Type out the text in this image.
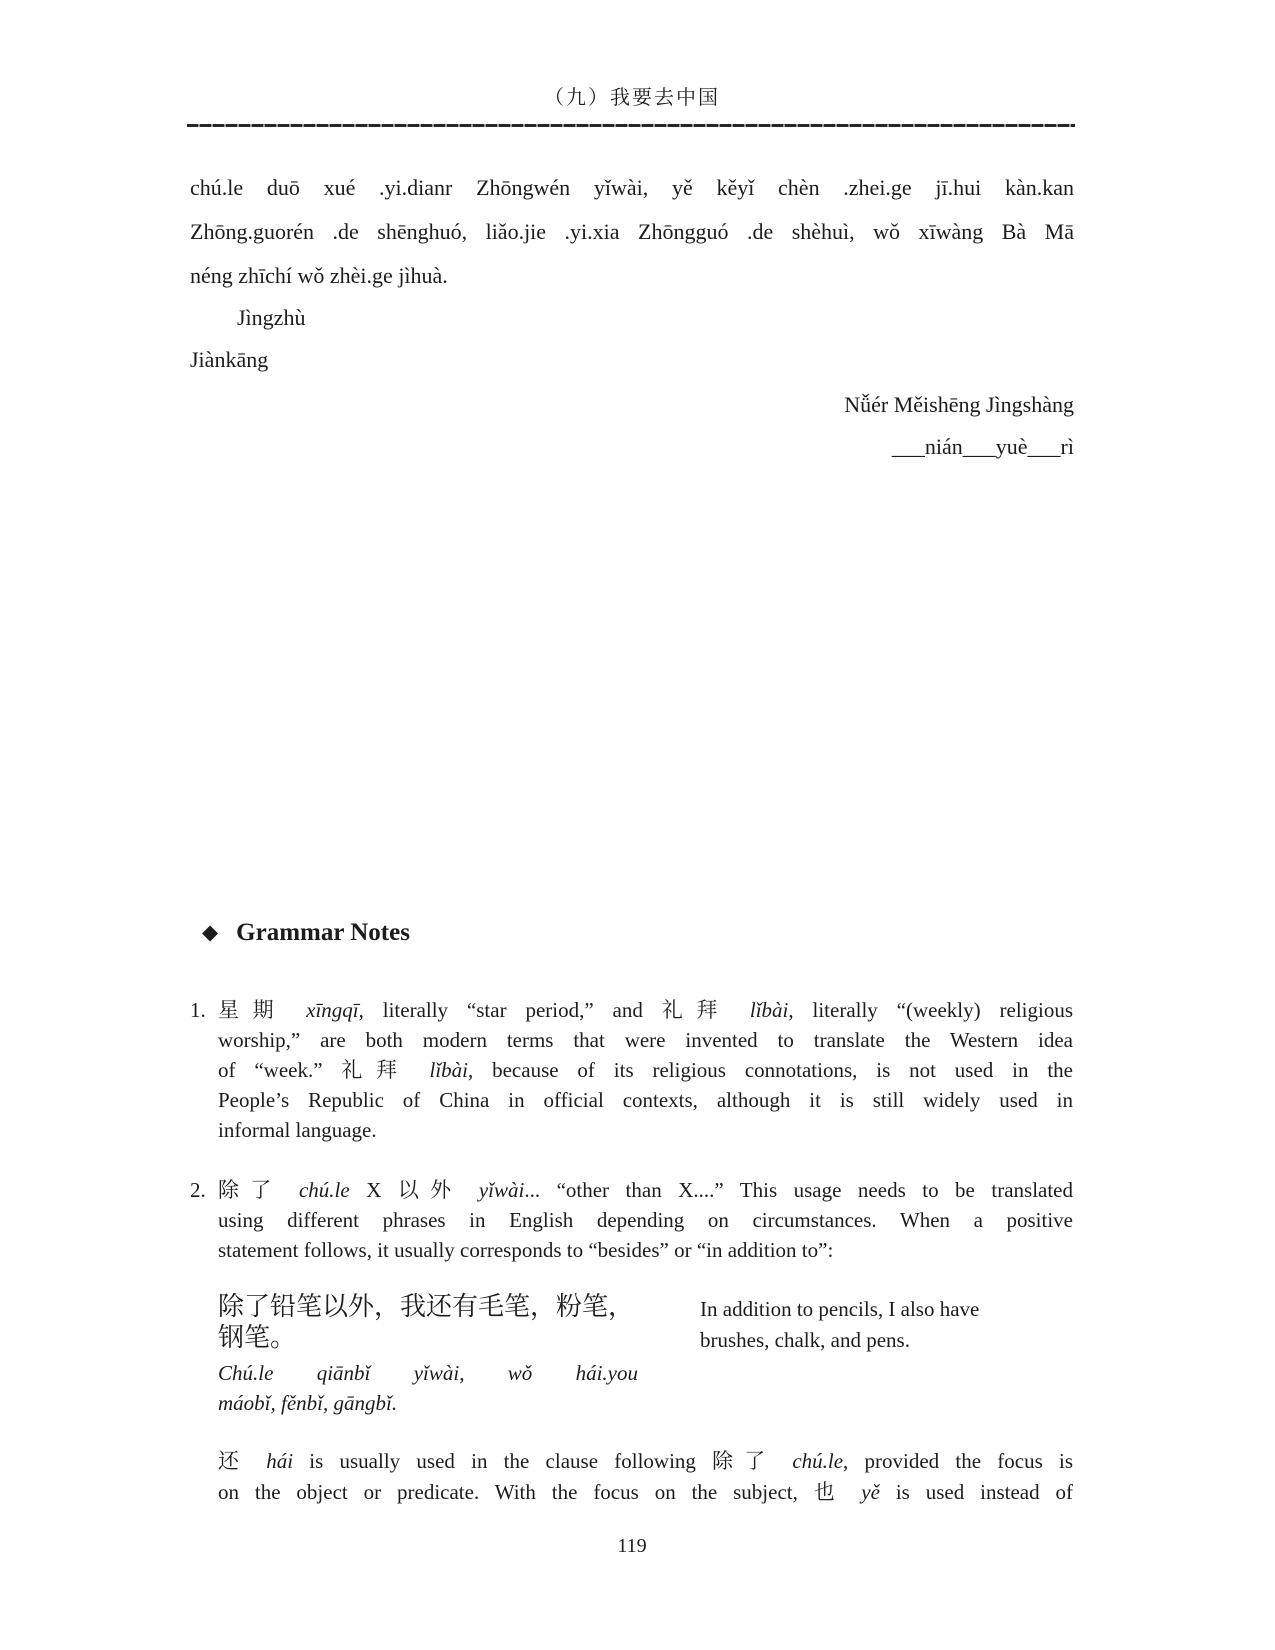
（九）我要去中国
chú.le duō xué .yi.dianr Zhōngwén yǐwài, yě kěyǐ chèn .zhei.ge jī.hui kàn.kan
Zhōng.guorén .de shēnghuó, liǎo.jie .yi.xia Zhōngguó .de shèhuì, wǒ xīwàng Bà Mā
néng zhīchí wǒ zhèi.ge jìhuà.
Jìngzhù
Jiànkāng
Nǚér Měishēng Jìngshàng
___nián___yuè___rì
◆ Grammar Notes
1. 星期 xīngqī, literally “star period,” and 礼拜 lǐbài, literally “(weekly) religious
worship,” are both modern terms that were invented to translate the Western idea
of “week.” 礼拜 lǐbài, because of its religious connotations, is not used in the
People’s Republic of China in official contexts, although it is still widely used in
informal language.
2. 除了 chú.le X 以外 yǐwài... “other than X....” This usage needs to be translated
using different phrases in English depending on circumstances. When a positive
statement follows, it usually corresponds to “besides” or “in addition to”:
除了铅笔以外，我还有毛笔，粉笔，
钢笔。
Chú.le qiānbǐ yǐwài, wǒ hái.you
máobǐ, fěnbǐ, gāngbǐ.
In addition to pencils, I also have
brushes, chalk, and pens.
还 hái is usually used in the clause following 除了 chú.le, provided the focus is
on the object or predicate. With the focus on the subject, 也 yě is used instead of
119
